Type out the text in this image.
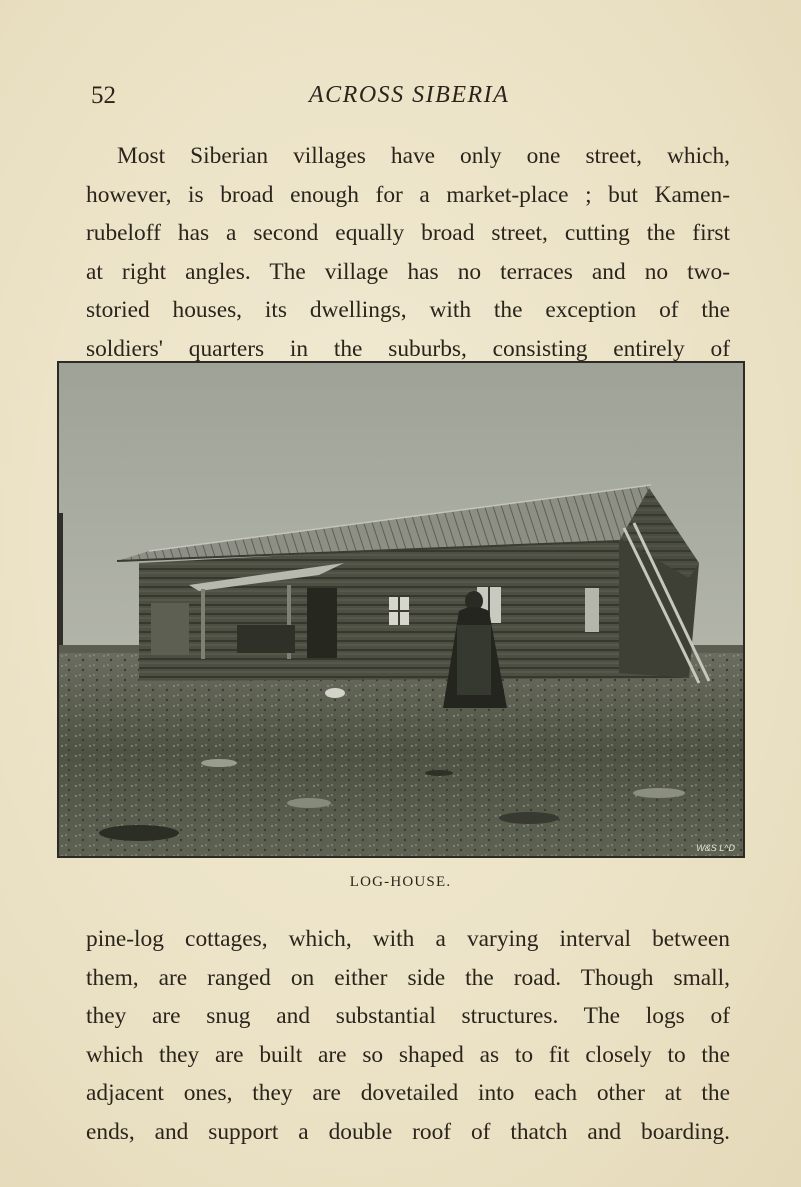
52	ACROSS SIBERIA
Most Siberian villages have only one street, which,
however, is broad enough for a market-place ; but Kamen-
rubeloff has a second equally broad street, cutting the first
at right angles. The village has no terraces and no two-
storied houses, its dwellings, with the exception of the
soldiers' quarters in the suburbs, consisting entirely of
W&S L^D
LOG-HOUSE.
pine-log cottages, which, with a varying interval between
them, are ranged on either side the road. Though small,
they are snug and substantial structures. The logs of
which they are built are so shaped as to fit closely to the
adjacent ones, they are dovetailed into each other at the
ends, and support a double roof of thatch and boarding.
